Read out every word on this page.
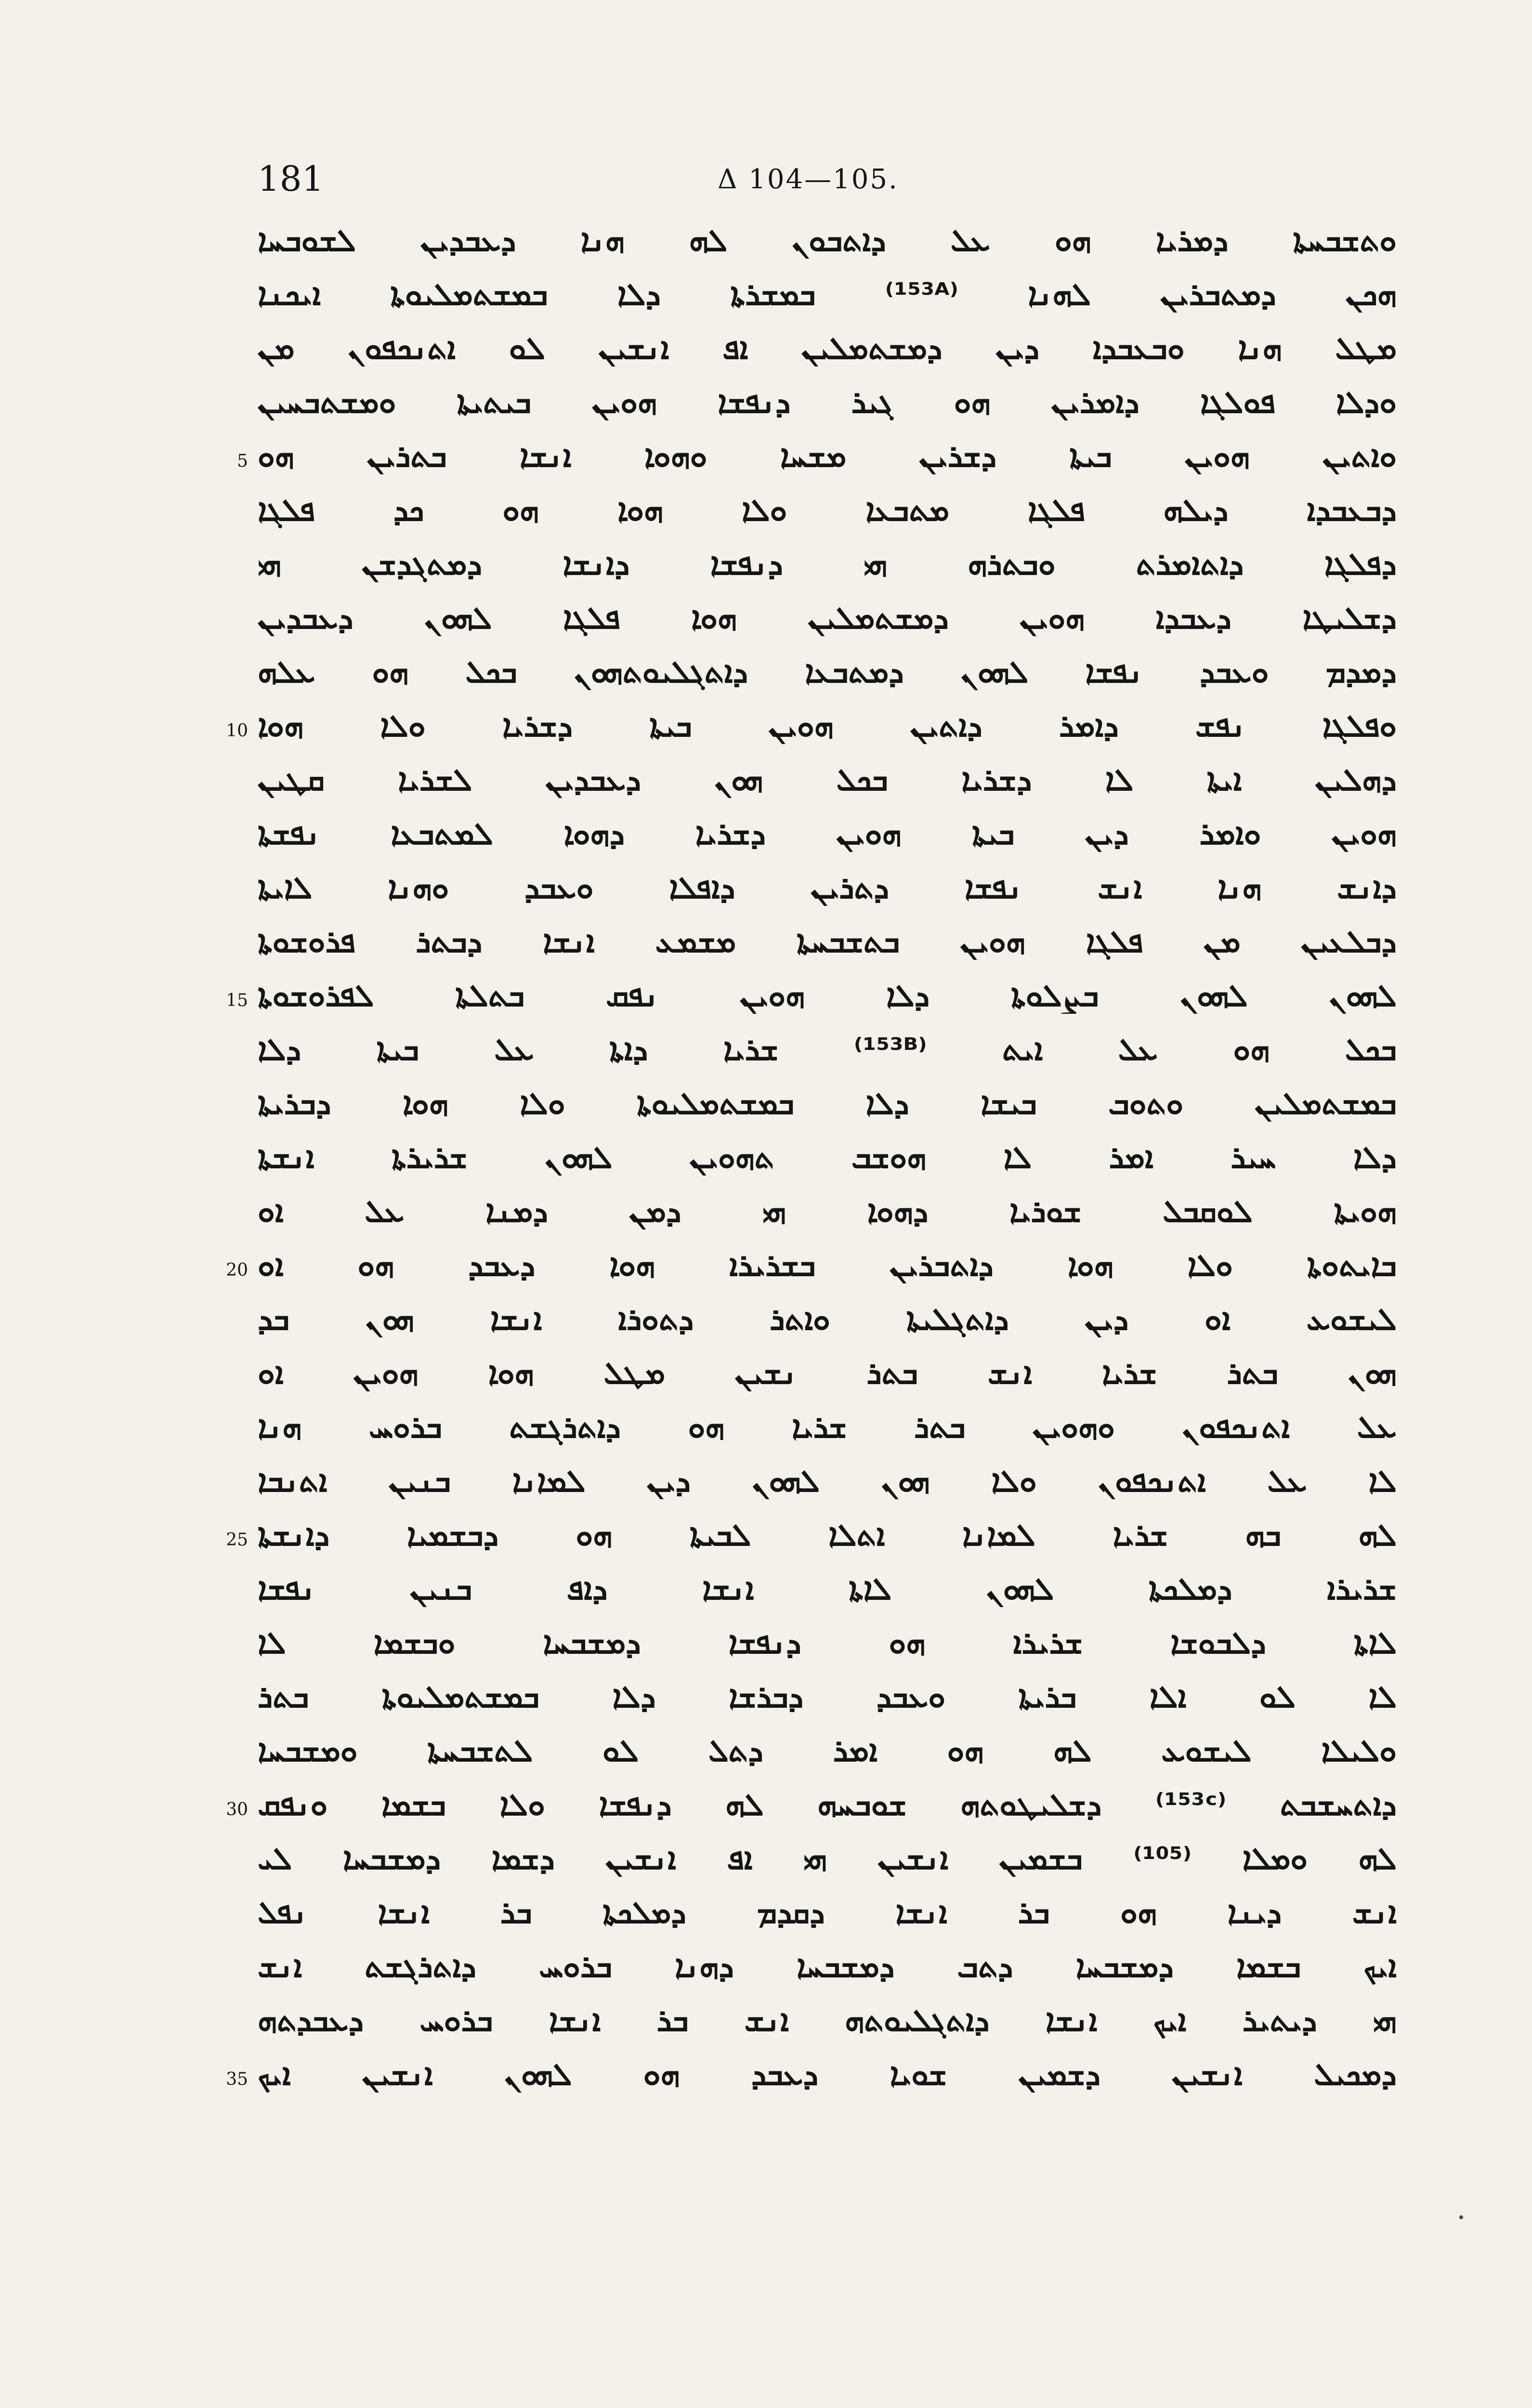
181	Δ 104—105.
ܘܬܫܒܚܬܐ ܕܡܪܝܐ ܗܘ ܥܠ ܕܐܬܒܘܢ ܠܗ ܗܢܐ ܕܥܒܕܝܢ ܠܫܘܒܚܐ
ܗܟܢ ܕܡܬܒܪܝܢ ܠܗܢܐ ⁽¹⁵³ᴬ⁾ ܒܡܫܪܬܐ ܕܠܐ ܒܡܫܬܡܠܝܘܬܐ ܐܝܟܢܐ
ܡܛܠ ܗܢܐ ܘܒܥܒܕܐ ܕܝܢ ܕܡܫܬܡܠܝܢ ܐܦ ܐܢܫܝܢ ܠܘ ܐܬܢܟܦܘܢ ܡܢ
ܘܕܠܐ ܦܘܠܓܐ ܕܐܡܪܝܢ ܗܘ ܓܝܪ ܕܢܦܫܐ ܗܘܝܢ ܒܝܬܝܬܐ ܘܡܫܬܒܚܝܢ
5 ܘܐܬܝܢ ܗܘܝܢ ܒܝܬܐ ܕܫܪܝܢ ܡܫܚܐ ܘܗܘܐ ܐܢܫܐ ܒܬܪܝܢ ܗܘ
ܕܒܥܒܕܐ ܕܝܠܗ ܦܠܓܐ ܡܬܒܥܐ ܘܠܐ ܗܘܐ ܗܘ ܟܕ ܦܠܓܐ
ܕܦܠܓܐ ܕܐܬܐܡܪܬ ܘܒܬܪܗ ܗܝ ܕܢܦܫܐ ܕܐܢܫܐ ܕܡܬܓܕܫܢ ܗܝ
ܕܫܠܝܛܐ ܕܥܒܕܐ ܗܘܝܢ ܕܡܫܬܡܠܝܢ ܗܘܐ ܦܠܓܐ ܠܗܘܢ ܕܥܒܕܝܢ
ܕܡܕܡ ܘܥܒܕ ܢܦܫܐ ܠܗܘܢ ܕܡܬܒܥܐ ܕܐܬܓܠܝܘܬܗܘܢ ܒܟܠ ܗܘ ܥܠܗ
10 ܘܦܠܓܐ ܢܦܫ ܕܐܡܪ ܕܐܬܝܢ ܗܘܝܢ ܒܝܬܐ ܕܫܪܝܐ ܘܠܐ ܗܘܐ
ܕܗܠܝܢ ܐܝܬܐ ܠܐ ܕܫܪܝܐ ܒܟܠ ܗܘܢ ܕܥܒܕܝܢ ܠܫܪܝܐ ܩܛܝܢ
ܗܘܝܢ ܘܐܡܪ ܕܝܢ ܒܝܬܐ ܗܘܝܢ ܕܫܪܝܐ ܕܗܘܐ ܠܡܬܒܥܐ ܢܦܫܬܐ
ܕܐܢܫ ܗܢܐ ܐܢܫ ܢܦܫܐ ܕܬܪܝܢ ܕܐܦܠܐ ܘܥܒܕ ܘܗܢܐ ܠܐܝܬܐ
ܕܒܠܥܝܢ ܡܢ ܦܠܓܐ ܗܘܝܢ ܒܬܫܒܚܬܐ ܡܫܡܥ ܐܢܫܐ ܕܒܬܪ ܦܪܘܫܘܬܐ
15 ܠܗܘܢ ܠܗܘܢ ܒܨܠܘܬܐ ܕܠܐ ܗܘܝܢ ܢܦܩ ܒܬܠܬܐ ܠܦܪܘܫܘܬܐ
ܒܟܠ ܗܘ ܥܠ ܐܝܬ ⁽¹⁵³ᴮ⁾ ܫܪܝܐ ܕܐܬܐ ܥܠ ܒܝܬܐ ܕܠܐ
ܒܡܫܬܡܠܝܢ ܘܬܘܒ ܒܝܫܐ ܕܠܐ ܒܡܫܬܡܠܝܘܬܐ ܘܠܐ ܗܘܐ ܕܒܪܝܬܐ
ܕܠܐ ܚܝܪ ܐܡܪ ܠܐ ܗܘܫܒ ܬܗܘܝܢ ܠܗܘܢ ܫܪܝܪܬܐ ܐܢܫܬܐ
ܗܘܝܬܐ ܠܘܩܒܠ ܫܘܪܝܐ ܕܗܘܐ ܗܝ ܕܡܢ ܕܡܢܐ ܥܠ ܐܘ
20 ܒܐܝܬܘܬܐ ܘܠܐ ܗܘܐ ܕܐܬܒܪܝܢ ܒܫܪܝܪܐ ܗܘܐ ܕܥܒܕ ܗܘ ܐܘ
ܠܝܫܘܥ ܐܘ ܕܝܢ ܕܐܬܓܠܝܬܐ ܘܐܬܪ ܕܬܘܪܐ ܐܢܫܐ ܗܘܢ ܒܕ
ܗܘܢ ܒܬܪ ܫܪܝܐ ܐܢܫ ܒܬܪ ܢܫܝܢ ܡܛܠ ܗܘܐ ܗܘܝܢ ܐܘ
ܥܠ ܐܬܢܟܦܘܢ ܘܗܘܝܢ ܒܬܪ ܫܪܝܐ ܗܘ ܕܐܬܪܓܫܬ ܒܪܘܚ ܗܢܐ
ܠܐ ܥܠ ܐܬܢܟܦܘܢ ܘܠܐ ܗܘܢ ܠܗܘܢ ܕܝܢ ܠܡܐܢܐ ܒܢܝܢ ܐܬܢܒܐ
25 ܠܗ ܒܗ ܫܪܝܐ ܠܡܐܢܐ ܐܬܠܐ ܠܒܝܬܐ ܗܘ ܕܒܫܡܝܐ ܕܐܢܫܬܐ
ܫܪܝܪܐ ܕܡܠܟܬܐ ܠܗܘܢ ܠܐܬܐ ܐܢܫܐ ܕܐܦ ܒܢܝܢ ܢܦܫܐ
ܠܐܬܐ ܕܠܒܘܫܐ ܫܪܝܪܐ ܗܘ ܕܢܦܫܐ ܕܡܫܒܚܐ ܘܒܫܡܐ ܠܐ
ܠܐ ܠܘ ܐܠܐ ܒܪܝܬܐ ܘܥܒܕ ܕܒܪܫܐ ܕܠܐ ܒܡܫܬܡܠܝܘܬܐ ܒܬܪ
ܘܠܝܠܐ ܠܝܫܘܥ ܠܗ ܗܘ ܐܡܪ ܕܬܠ ܠܘ ܠܬܫܒܚܬܐ ܘܡܫܒܚܐ
30 ܕܐܬܚܫܒܬ ⁽¹⁵³ᶜ⁾ ܕܫܠܝܛܘܬܗ ܫܘܒܚܗ ܠܗ ܕܢܦܫܐ ܘܠܐ ܒܫܡܐ ܘܢܦܩ
ܠܗ ܘܡܠܐ ⁽¹⁰⁵⁾ ܒܫܡܝܢ ܐܢܫܝܢ ܗܝ ܐܦ ܐܢܫܝܢ ܕܫܡܐ ܕܡܫܒܚܐ ܠܝ
ܐܢܫ ܕܝܢܐ ܗܘ ܒܪ ܐܢܫܐ ܕܩܕܡ ܕܡܠܟܬܐ ܒܪ ܐܢܫܐ ܢܦܠ
ܐܝܟ ܒܫܡܐ ܕܡܫܒܚܐ ܕܬܒ ܕܡܫܒܚܐ ܕܗܢܐ ܒܪܘܚ ܕܐܬܪܓܫܬ ܐܢܫ
ܗܝ ܕܝܬܝܪ ܐܝܟ ܐܢܫܐ ܕܐܬܓܠܝܘܬܗ ܐܢܫ ܒܪ ܐܢܫܐ ܒܪܘܚ ܕܥܒܕܬܗ
35 ܕܡܟܝܠ ܐܢܫܝܢ ܕܫܡܝܢ ܫܘܝܐ ܕܥܒܕ ܗܘ ܠܗܘܢ ܐܢܫܝܢ ܐܝܟ
